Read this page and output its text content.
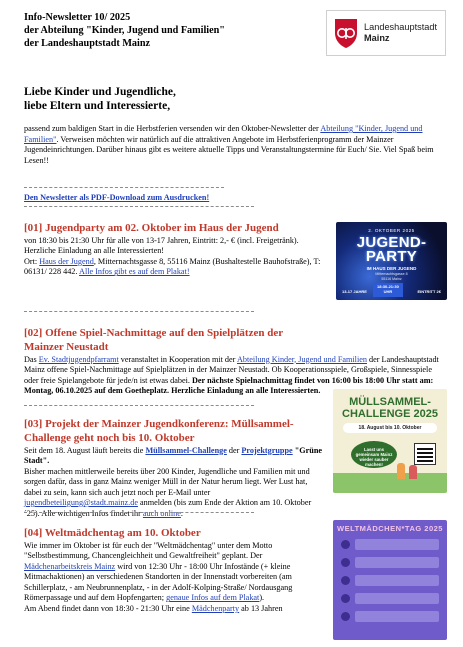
Info-Newsletter 10/ 2025
der Abteilung "Kinder, Jugend und Familien"
der Landeshauptstadt Mainz
Landeshauptstadt
Mainz
Liebe Kinder und Jugendliche,
liebe Eltern und Interessierte,
passend zum baldigen Start in die Herbstferien versenden wir den Oktober-Newsletter der Abteilung "Kinder, Jugend und Familien". Verweisen möchten wir natürlich auf die attraktiven Angebote im Herbstferienprogramm der Mainzer Jugendeinrichtungen. Darüber hinaus gibt es weitere aktuelle Tipps und Veranstaltungstermine für Euch/ Sie. Viel Spaß beim Lesen!!
Den Newsletter als PDF-Download zum Ausdrucken!
[01] Jugendparty am 02. Oktober im Haus der Jugend

von 18:30 bis 21:30 Uhr für alle von 13-17 Jahren, Eintritt: 2,- € (incl. Freigetränk). Herzliche Einladung an alle Interessierten!
Ort: Haus der Jugend, Mitternachtsgasse 8, 55116 Mainz (Bushaltestelle Bauhofstraße), T: 06131/ 228 442. Alle Infos gibt es auf dem Plakat!

2. OKTOBER 2025
JUGEND-
PARTY
IM HAUS DER JUGEND
Mitternachtsgasse 8
55116 Mainz
13-17 JAHRE
18:30-21:30
UHR	EINTRITT 2€
[02] Offene Spiel-Nachmittage auf den Spielplätzen der
Mainzer Neustadt

Das Ev. Stadtjugendpfarramt veranstaltet in Kooperation mit der Abteilung Kinder, Jugend und Familien der Landeshauptstadt Mainz offene Spiel-Nachmittage auf Spielplätzen in der Mainzer Neustadt. Ob Kooperationsspiele, Großspiele, Sinnesspiele oder freie Spielangebote für jede/n ist etwas dabei. Der nächste Spielnachmittag findet von 16:00 bis 18:00 Uhr statt am: Montag, 06.10.2025 auf dem Goetheplatz. Herzliche Einladung an alle Interessierten.

[03] Projekt der Mainzer Jugendkonferenz: Müllsammel-
Challenge geht noch bis 10. Oktober

Seit dem 18. August läuft bereits die Müllsammel-Challenge der Projektgruppe "Grüne Stadt".
Bisher machen mittlerweile bereits über 200 Kinder, Jugendliche und Familien mit und sorgen dafür, dass in ganz Mainz weniger Müll in der Natur herum liegt. Wer Lust hat, dabei zu sein, kann sich auch jetzt noch per E-Mail unter jugendbeteiligung@stadt.mainz.de anmelden (bis zum Ende der Aktion am 10. Oktober ´25). Alle wichtigen Infos findet ihr auch online.

MÜLLSAMMEL-
CHALLENGE 2025
18. August bis 10. Oktober
Lasst uns
gemeinsam Mainz
wieder sauber
machen!
[04] Weltmädchentag am 10. Oktober

Wie immer im Oktober ist für euch der "Weltmädchentag" unter dem Motto "Selbstbestimmung, Chancengleichheit und Gewaltfreiheit" geplant. Der Mädchenarbeitskreis Mainz wird von 12:30 Uhr - 18:00 Uhr Infostände (+ kleine Mitmachaktionen) an verschiedenen Standorten in der Innenstadt vorbereiten (am Schillerplatz, - am Neubrunnenplatz, - in der Adolf-Kolping-Straße/ Nordausgang Römerpassage und auf dem Hopfengarten; genaue Infos auf dem Plakat).
Am Abend findet dann von 18:30 - 21:30 Uhr eine Mädchenparty ab 13 Jahren

WELTMÄDCHEN*TAG 2025
